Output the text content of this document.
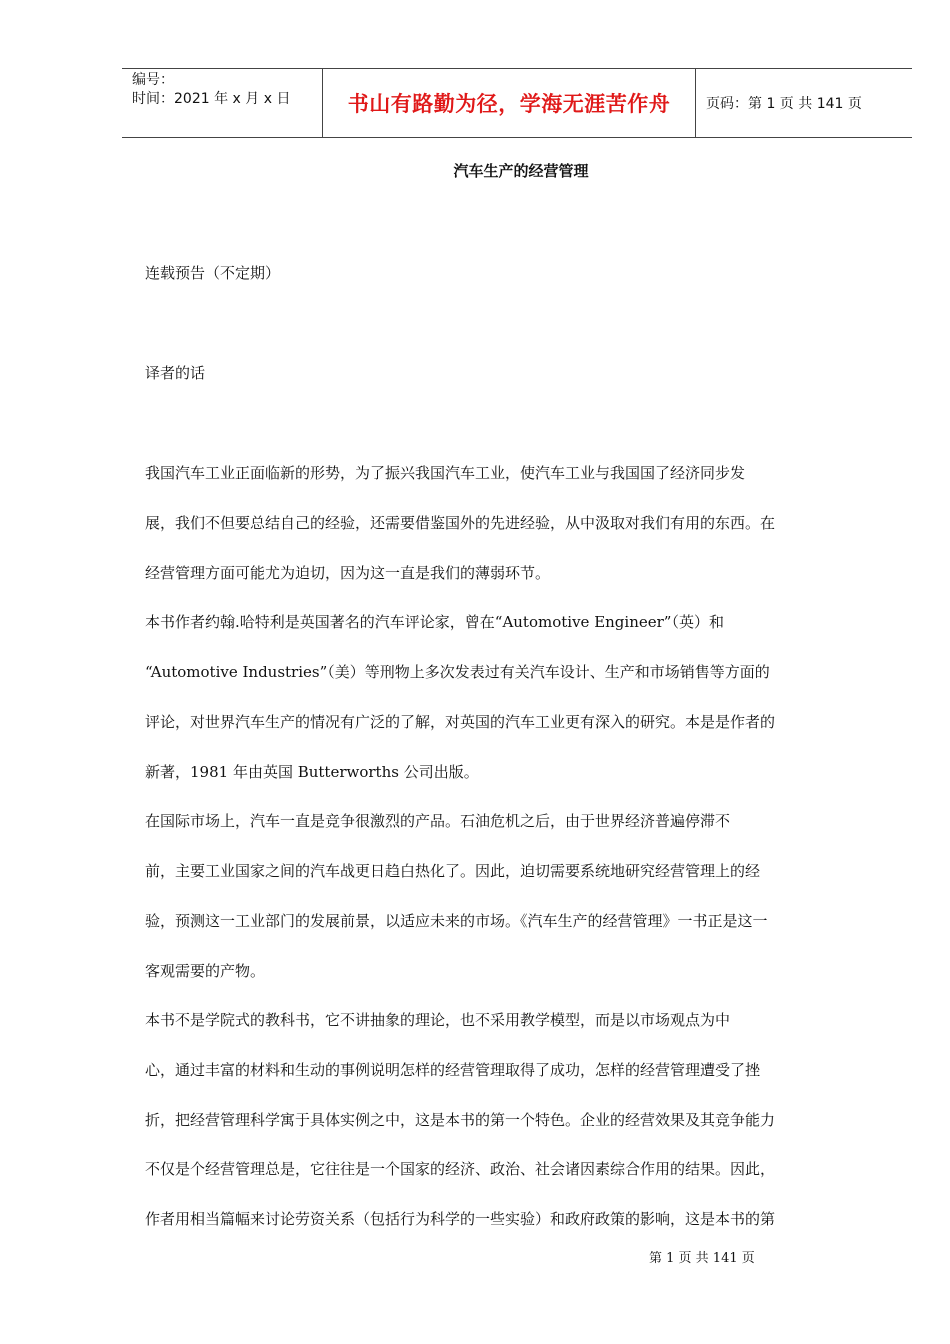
编号：
时间：2021 年 x 月 x 日	书山有路勤为径，学海无涯苦作舟	页码：第 1 页 共 141 页
汽车生产的经营管理
连载预告（不定期）
译者的话
我国汽车工业正面临新的形势，为了振兴我国汽车工业，使汽车工业与我国国了经济同步发
展，我们不但要总结自己的经验，还需要借鉴国外的先进经验，从中汲取对我们有用的东西。在
经营管理方面可能尤为迫切，因为这一直是我们的薄弱环节。
本书作者约翰.哈特利是英国著名的汽车评论家，曾在“Automotive Engineer”（英）和
“Automotive Industries”（美）等刑物上多次发表过有关汽车设计、生产和市场销售等方面的
评论，对世界汽车生产的情况有广泛的了解，对英国的汽车工业更有深入的研究。本是是作者的
新著，1981 年由英国 Butterworths 公司出版。
在国际市场上，汽车一直是竞争很激烈的产品。石油危机之后，由于世界经济普遍停滞不
前，主要工业国家之间的汽车战更日趋白热化了。因此，迫切需要系统地研究经营管理上的经
验，预测这一工业部门的发展前景，以适应未来的市场。《汽车生产的经营管理》一书正是这一
客观需要的产物。
本书不是学院式的教科书，它不讲抽象的理论，也不采用教学模型，而是以市场观点为中
心，通过丰富的材料和生动的事例说明怎样的经营管理取得了成功，怎样的经营管理遭受了挫
折，把经营管理科学寓于具体实例之中，这是本书的第一个特色。企业的经营效果及其竞争能力
不仅是个经营管理总是，它往往是一个国家的经济、政治、社会诸因素综合作用的结果。因此，
作者用相当篇幅来讨论劳资关系（包括行为科学的一些实验）和政府政策的影响，这是本书的第
第 1 页 共 141 页
